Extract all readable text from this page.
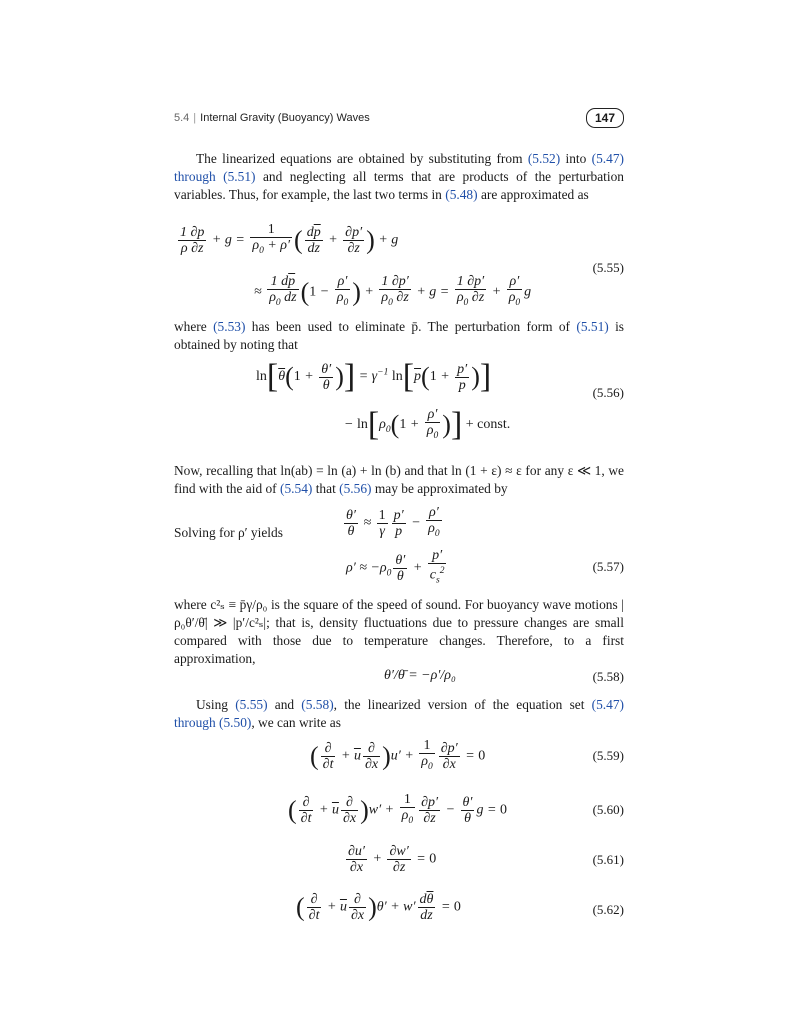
5.4 | Internal Gravity (Buoyancy) Waves	147
The linearized equations are obtained by substituting from (5.52) into (5.47) through (5.51) and neglecting all terms that are products of the perturbation variables. Thus, for example, the last two terms in (5.48) are approximated as
$\frac{1 \partial p}{\rho \partial z} + g = \frac{1}{\rho_0 + \rho'}$ ( $\frac{d\overline{p}}{dz} + \frac{\partial p'}{\partial z}$ ) + g
≈ $\frac{1 d\overline{p}}{\rho_0 dz} (1 - \frac{\rho'}{\rho_0}$ ) + $\frac{1 \partial p'}{\rho_0 \partial z} + g = \frac{1 \partial p'}{\rho_0 \partial z} + \frac{\rho'}{\rho_0}$ g
(5.55)
where (5.53) has been used to eliminate p̄. The perturbation form of (5.51) is obtained by noting that
$\ln[\overline{\theta}(1 + \frac{\theta'}{\theta}$ )] = $\gamma^{-1}$ $\ln[\overline{p}(1 + \frac{p'}{p}$ )]
− $\ln[\rho_0(1 + \frac{\rho'}{\rho_0}$ )] + const.
(5.56)
Now, recalling that ln(ab) = ln (a) + ln (b) and that ln (1 + ε) ≈ ε for any ε ≪ 1, we find with the aid of (5.54) that (5.56) may be approximated by
$\frac{\theta'}{\theta} \approx \frac{1}{\gamma} \frac{p'}{p} - \frac{\rho'}{\rho_0}$
Solving for ρ′ yields
$\rho' \approx -\rho_0 \frac{\theta'}{\theta} + \frac{p'}{c_s^2}$	(5.57)
where c²ₛ ≡ p̄γ/ρ₀ is the square of the speed of sound. For buoyancy wave motions |ρ₀θ′/θ̄| ≫ |p′/c²ₛ|; that is, density fluctuations due to pressure changes are small compared with those due to temperature changes. Therefore, to a first approximation,
θ′/θ̄ = −ρ′/ρ₀	(5.58)
Using (5.55) and (5.58), the linearized version of the equation set (5.47) through (5.50), we can write as
( $\frac{\partial}{\partial t} + \overline{u} \frac{\partial}{\partial x} )u' + \frac{1}{\rho_0} \frac{\partial p'}{\partial x} = 0$	(5.59)
( $\frac{\partial}{\partial t} + \overline{u} \frac{\partial}{\partial x} )w' + \frac{1}{\rho_0} \frac{\partial p'}{\partial z} - \frac{\theta'}{\theta}$ g = 0	(5.60)
$\frac{\partial u'}{\partial x} + \frac{\partial w'}{\partial z} = 0$	(5.61)
( $\frac{\partial}{\partial t} + \overline{u} \frac{\partial}{\partial x} )\theta' + w' \frac{d\overline{\theta}}{dz} = 0$	(5.62)
